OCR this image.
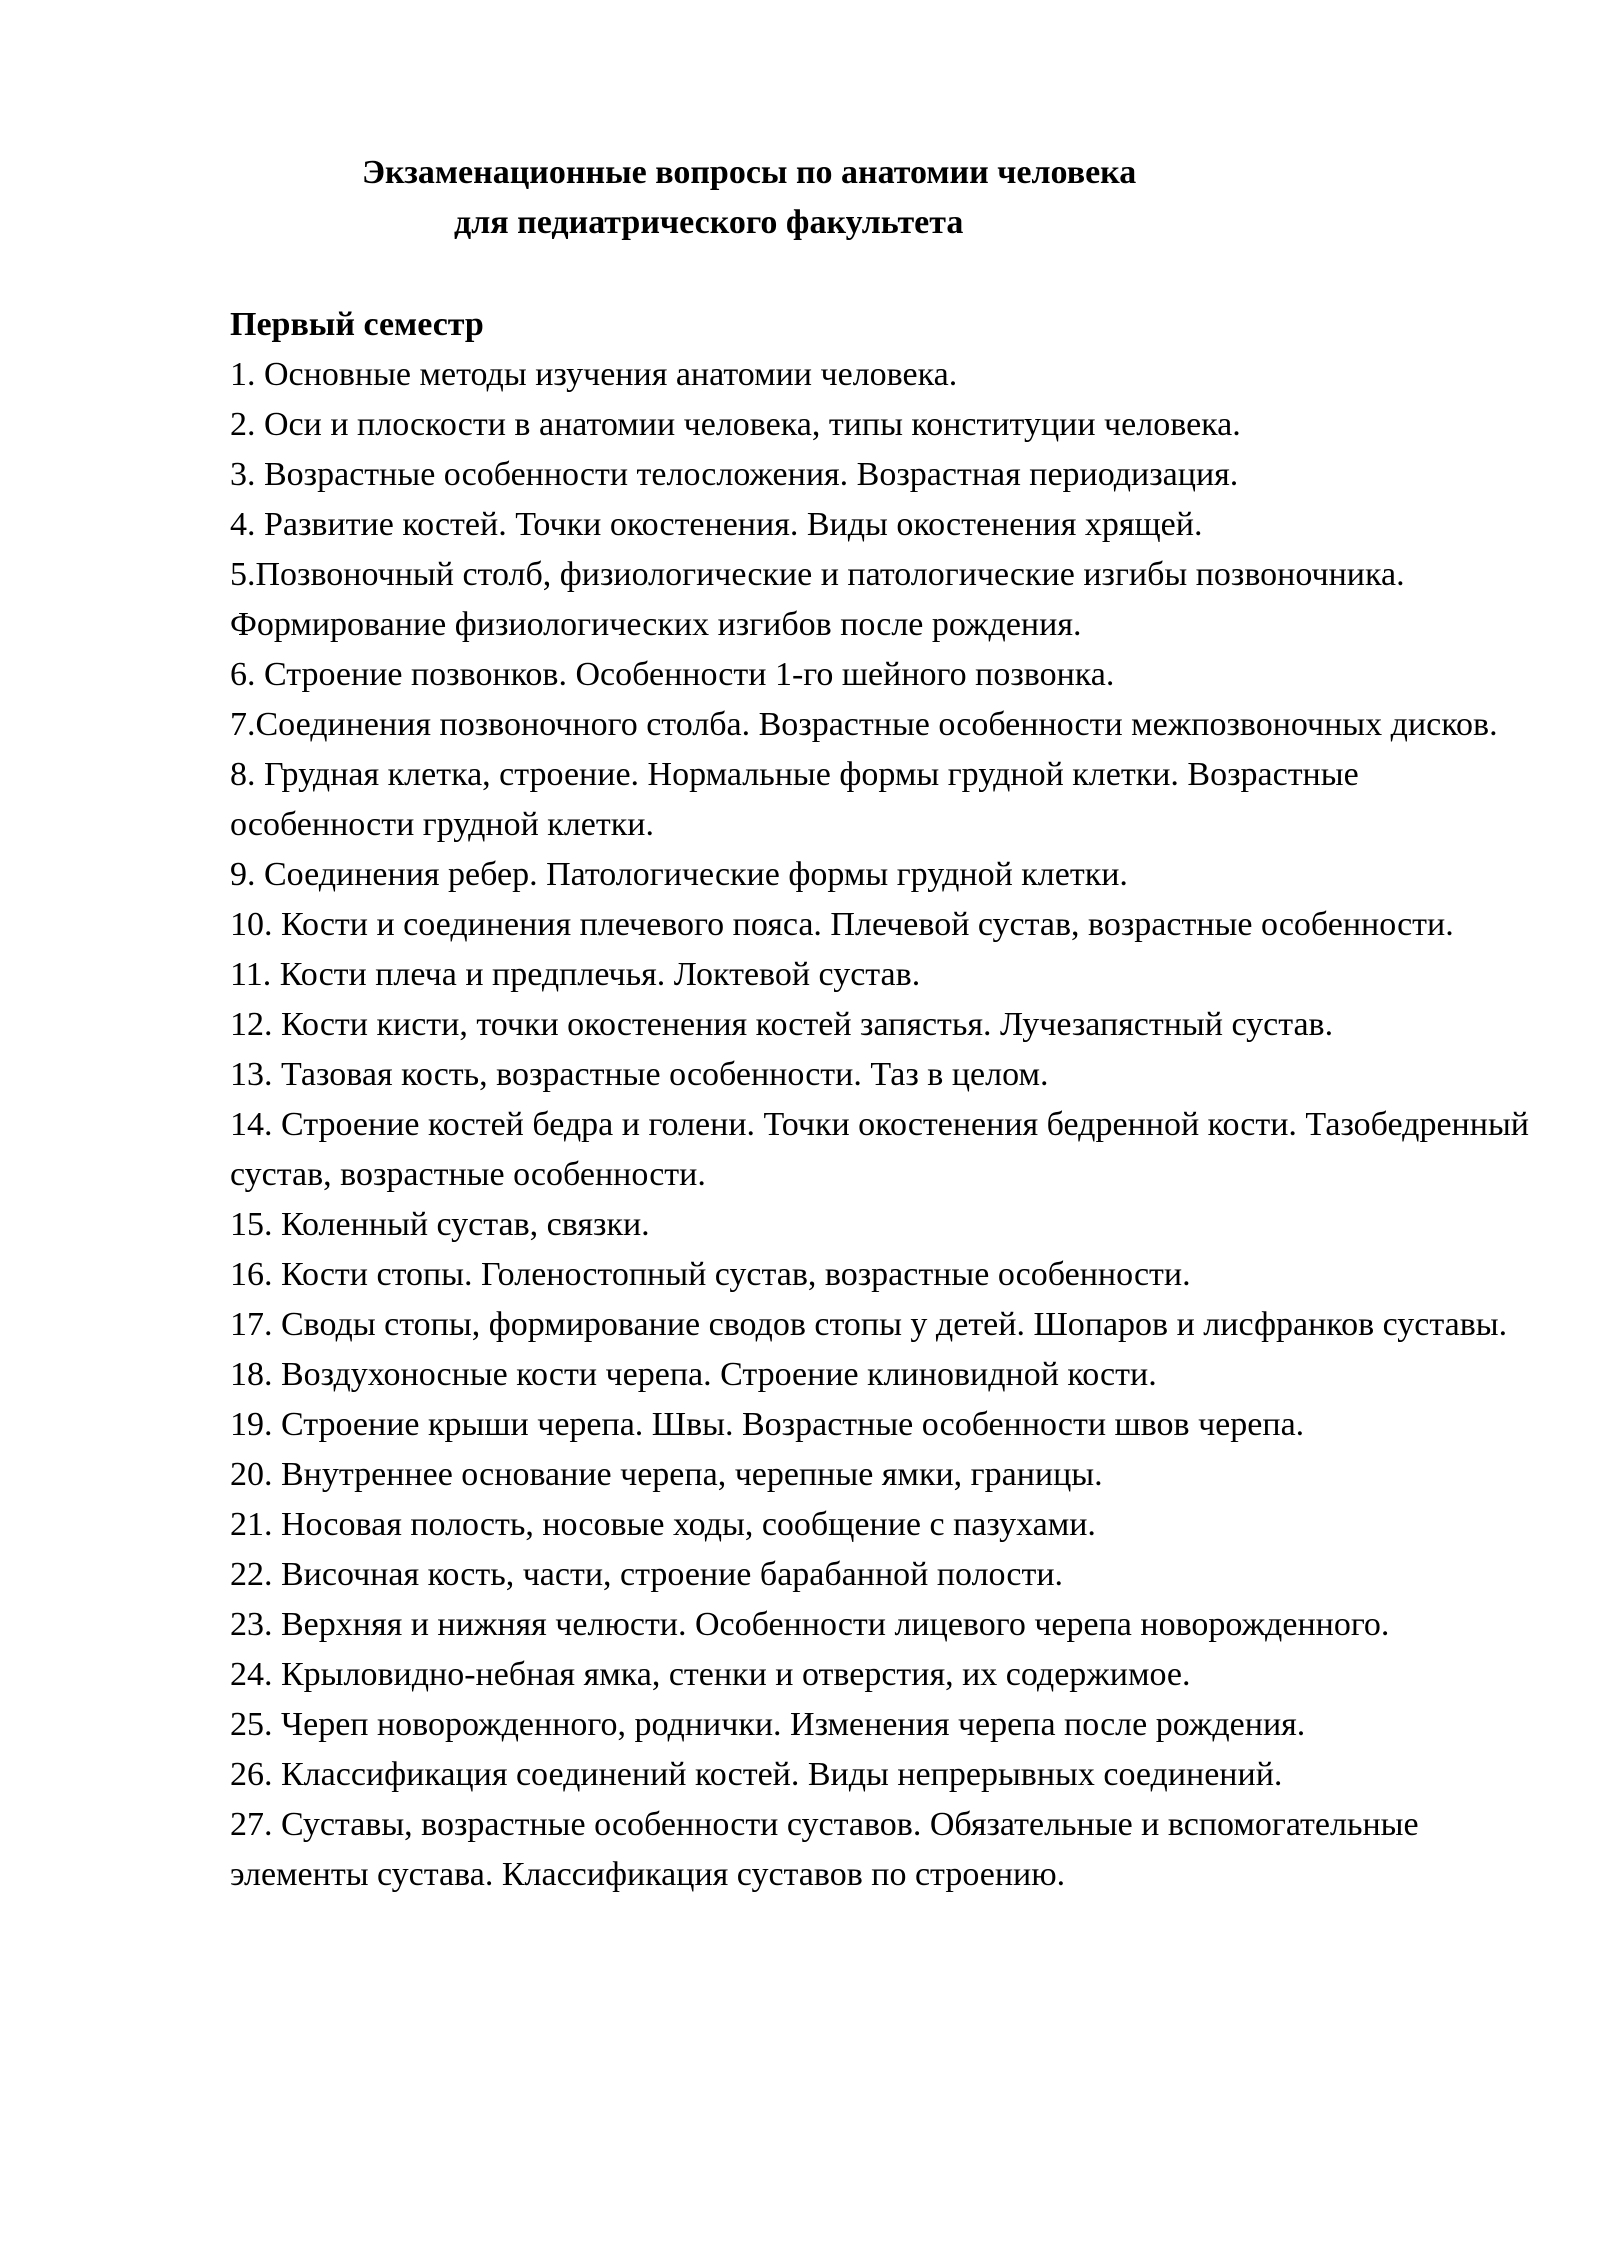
Экзаменационные вопросы по анатомии человека
для педиатрического факультета
Первый семестр
1. Основные методы изучения анатомии человека.
2. Оси и плоскости в анатомии человека, типы конституции человека.
3. Возрастные особенности телосложения. Возрастная периодизация.
4. Развитие костей. Точки окостенения. Виды окостенения хрящей.
5.Позвоночный столб, физиологические и патологические изгибы позвоночника. Формирование физиологических изгибов после рождения.
6. Строение позвонков. Особенности 1-го шейного позвонка.
7.Соединения позвоночного столба. Возрастные особенности межпозвоночных дисков.
8. Грудная клетка, строение. Нормальные формы грудной клетки. Возрастные особенности грудной клетки.
9. Соединения ребер. Патологические формы грудной клетки.
10. Кости и соединения плечевого пояса. Плечевой сустав, возрастные особенности.
11. Кости плеча и предплечья. Локтевой сустав.
12. Кости кисти, точки окостенения костей запястья. Лучезапястный сустав.
13. Тазовая кость, возрастные особенности. Таз в целом.
14. Строение костей бедра и голени. Точки окостенения бедренной кости. Тазобедренный сустав, возрастные особенности.
15. Коленный сустав, связки.
16. Кости стопы. Голеностопный сустав, возрастные особенности.
17. Своды стопы, формирование сводов стопы у детей. Шопаров и лисфранков суставы.
18. Воздухоносные кости черепа. Строение клиновидной кости.
19. Строение крыши черепа. Швы. Возрастные особенности швов черепа.
20. Внутреннее основание черепа, черепные ямки, границы.
21. Носовая полость, носовые ходы, сообщение с пазухами.
22. Височная кость, части, строение барабанной полости.
23. Верхняя и нижняя челюсти. Особенности лицевого черепа новорожденного.
24. Крыловидно-небная ямка, стенки и отверстия, их содержимое.
25. Череп новорожденного, роднички. Изменения черепа после рождения.
26. Классификация соединений костей. Виды непрерывных соединений.
27. Суставы, возрастные особенности суставов. Обязательные и вспомогательные элементы сустава. Классификация суставов по строению.
